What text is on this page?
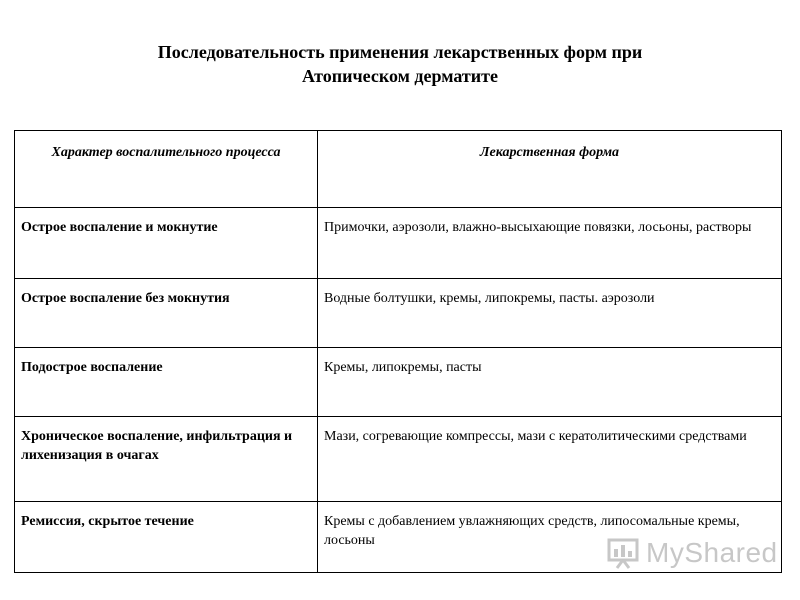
Последовательность применения лекарственных форм при
Атопическом дерматите
Характер воспалительного процесса	Лекарственная форма
Острое воспаление и мокнутие	Примочки, аэрозоли, влажно-высыхающие повязки, лосьоны, растворы
Острое воспаление без мокнутия	Водные болтушки, кремы, липокремы, пасты. аэрозоли
Подострое воспаление	Кремы, липокремы, пасты
Хроническое воспаление, инфильтрация и лихенизация в очагах	Мази, согревающие компрессы, мази с кератолитическими средствами
Ремиссия, скрытое течение	Кремы с добавлением увлажняющих средств, липосомальные кремы, лосьоны	MyShared
